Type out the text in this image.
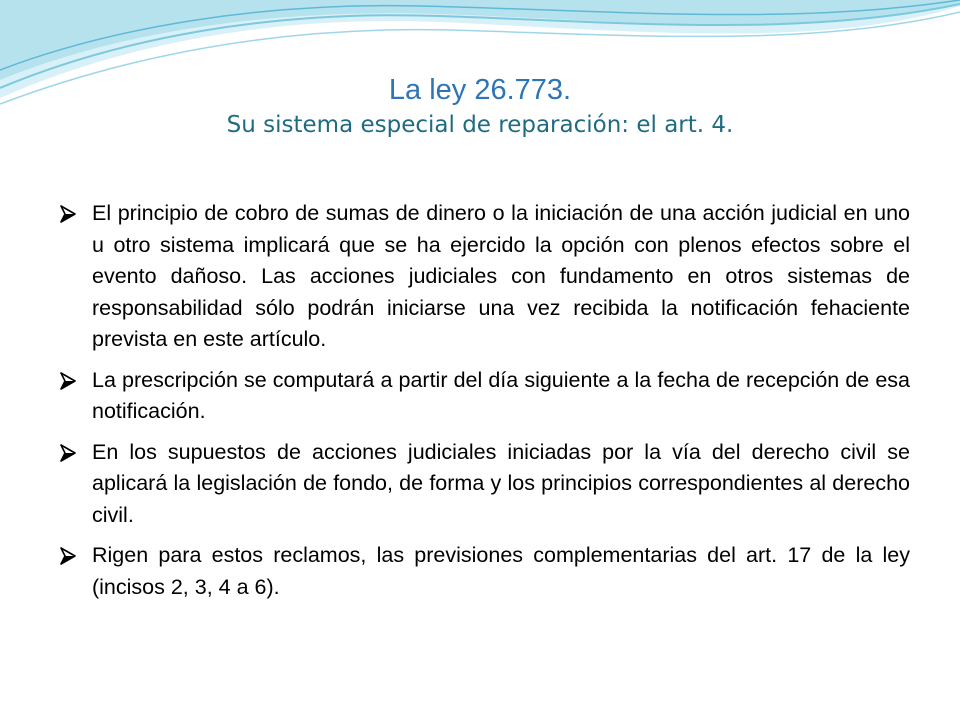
La ley 26.773.
Su sistema especial de reparación: el art. 4.
El principio de cobro de sumas de dinero o la iniciación de una acción judicial en uno u otro sistema implicará que se ha ejercido la opción con plenos efectos sobre el evento dañoso. Las acciones judiciales con fundamento en otros sistemas de responsabilidad sólo podrán iniciarse una vez recibida la notificación fehaciente prevista en este artículo.
La prescripción se computará a partir del día siguiente a la fecha de recepción de esa notificación.
En los supuestos de acciones judiciales iniciadas por la vía del derecho civil se aplicará la legislación de fondo, de forma y los principios correspondientes al derecho civil.
Rigen para estos reclamos, las previsiones complementarias del art. 17 de la ley (incisos 2, 3, 4 a 6).
